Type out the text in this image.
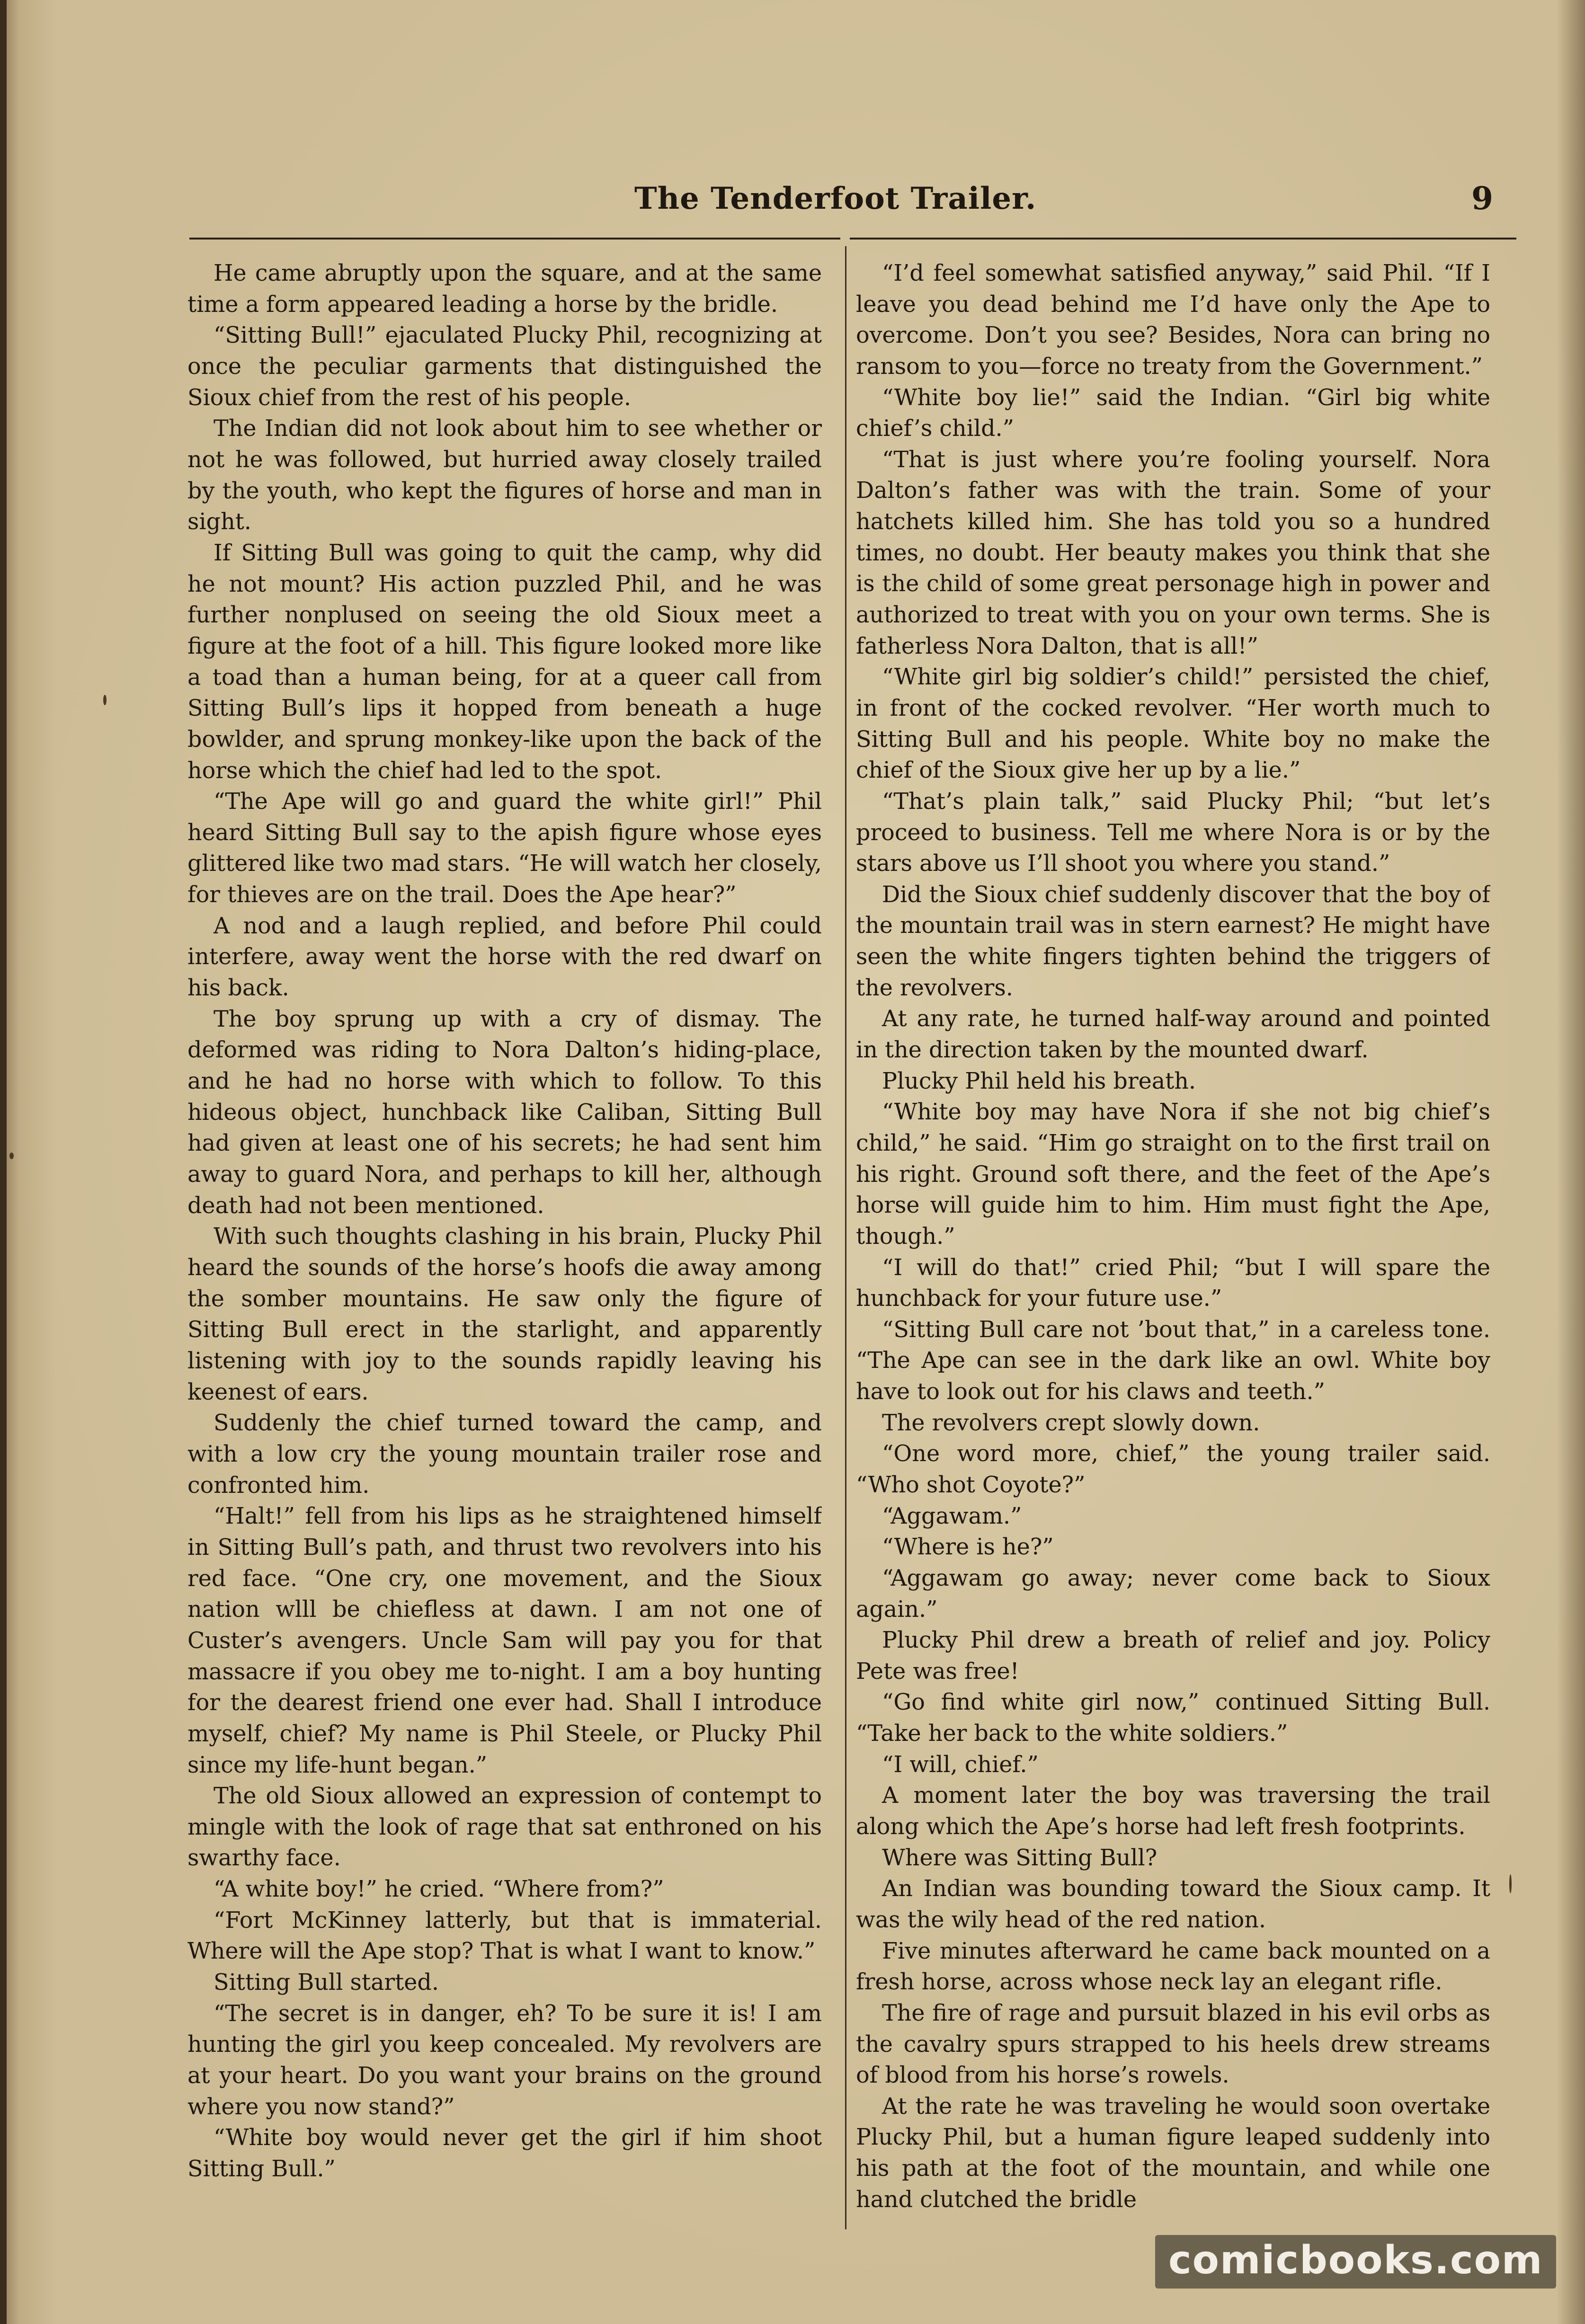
The Tenderfoot Trailer.	9

He came abruptly upon the square, and at the same time a form appeared leading a horse by the bridle.

“Sitting Bull!” ejaculated Plucky Phil, recognizing at once the peculiar garments that distinguished the Sioux chief from the rest of his people.

The Indian did not look about him to see whether or not he was followed, but hurried away closely trailed by the youth, who kept the figures of horse and man in sight.

If Sitting Bull was going to quit the camp, why did he not mount? His action puzzled Phil, and he was further nonplused on seeing the old Sioux meet a figure at the foot of a hill. This figure looked more like a toad than a human being, for at a queer call from Sitting Bull’s lips it hopped from beneath a huge bowlder, and sprung monkey-like upon the back of the horse which the chief had led to the spot.

“The Ape will go and guard the white girl!” Phil heard Sitting Bull say to the apish figure whose eyes glittered like two mad stars. “He will watch her closely, for thieves are on the trail. Does the Ape hear?”

A nod and a laugh replied, and before Phil could interfere, away went the horse with the red dwarf on his back.

The boy sprung up with a cry of dismay. The deformed was riding to Nora Dalton’s hiding-place, and he had no horse with which to follow. To this hideous object, hunchback like Caliban, Sitting Bull had given at least one of his secrets; he had sent him away to guard Nora, and perhaps to kill her, although death had not been mentioned.

With such thoughts clashing in his brain, Plucky Phil heard the sounds of the horse’s hoofs die away among the somber mountains. He saw only the figure of Sitting Bull erect in the starlight, and apparently listening with joy to the sounds rapidly leaving his keenest of ears.

Suddenly the chief turned toward the camp, and with a low cry the young mountain trailer rose and confronted him.

“Halt!” fell from his lips as he straightened himself in Sitting Bull’s path, and thrust two revolvers into his red face. “One cry, one movement, and the Sioux nation wlll be chiefless at dawn. I am not one of Custer’s avengers. Uncle Sam will pay you for that massacre if you obey me to-night. I am a boy hunting for the dearest friend one ever had. Shall I introduce myself, chief? My name is Phil Steele, or Plucky Phil since my life-hunt began.”

The old Sioux allowed an expression of contempt to mingle with the look of rage that sat enthroned on his swarthy face.

“A white boy!” he cried. “Where from?”

“Fort McKinney latterly, but that is immaterial. Where will the Ape stop? That is what I want to know.”

Sitting Bull started.

“The secret is in danger, eh? To be sure it is! I am hunting the girl you keep concealed. My revolvers are at your heart. Do you want your brains on the ground where you now stand?”

“White boy would never get the girl if him shoot Sitting Bull.”

“I’d feel somewhat satisfied anyway,” said Phil. “If I leave you dead behind me I’d have only the Ape to overcome. Don’t you see? Besides, Nora can bring no ransom to you—force no treaty from the Government.”

“White boy lie!” said the Indian. “Girl big white chief’s child.”

“That is just where you’re fooling yourself. Nora Dalton’s father was with the train. Some of your hatchets killed him. She has told you so a hundred times, no doubt. Her beauty makes you think that she is the child of some great personage high in power and authorized to treat with you on your own terms. She is fatherless Nora Dalton, that is all!”

“White girl big soldier’s child!” persisted the chief, in front of the cocked revolver. “Her worth much to Sitting Bull and his people. White boy no make the chief of the Sioux give her up by a lie.”

“That’s plain talk,” said Plucky Phil; “but let’s proceed to business. Tell me where Nora is or by the stars above us I’ll shoot you where you stand.”

Did the Sioux chief suddenly discover that the boy of the mountain trail was in stern earnest? He might have seen the white fingers tighten behind the triggers of the revolvers.

At any rate, he turned half-way around and pointed in the direction taken by the mounted dwarf.

Plucky Phil held his breath.

“White boy may have Nora if she not big chief’s child,” he said. “Him go straight on to the first trail on his right. Ground soft there, and the feet of the Ape’s horse will guide him to him. Him must fight the Ape, though.”

“I will do that!” cried Phil; “but I will spare the hunchback for your future use.”

“Sitting Bull care not ’bout that,” in a careless tone. “The Ape can see in the dark like an owl. White boy have to look out for his claws and teeth.”

The revolvers crept slowly down.

“One word more, chief,” the young trailer said. “Who shot Coyote?”

“Aggawam.”

“Where is he?”

“Aggawam go away; never come back to Sioux again.”

Plucky Phil drew a breath of relief and joy. Policy Pete was free!

“Go find white girl now,” continued Sitting Bull. “Take her back to the white soldiers.”

“I will, chief.”

A moment later the boy was traversing the trail along which the Ape’s horse had left fresh footprints.

Where was Sitting Bull?

An Indian was bounding toward the Sioux camp. It was the wily head of the red nation.

Five minutes afterward he came back mounted on a fresh horse, across whose neck lay an elegant rifle.

The fire of rage and pursuit blazed in his evil orbs as the cavalry spurs strapped to his heels drew streams of blood from his horse’s rowels.

At the rate he was traveling he would soon overtake Plucky Phil, but a human figure leaped suddenly into his path at the foot of the mountain, and while one hand clutched the bridle

comicbooks.com
